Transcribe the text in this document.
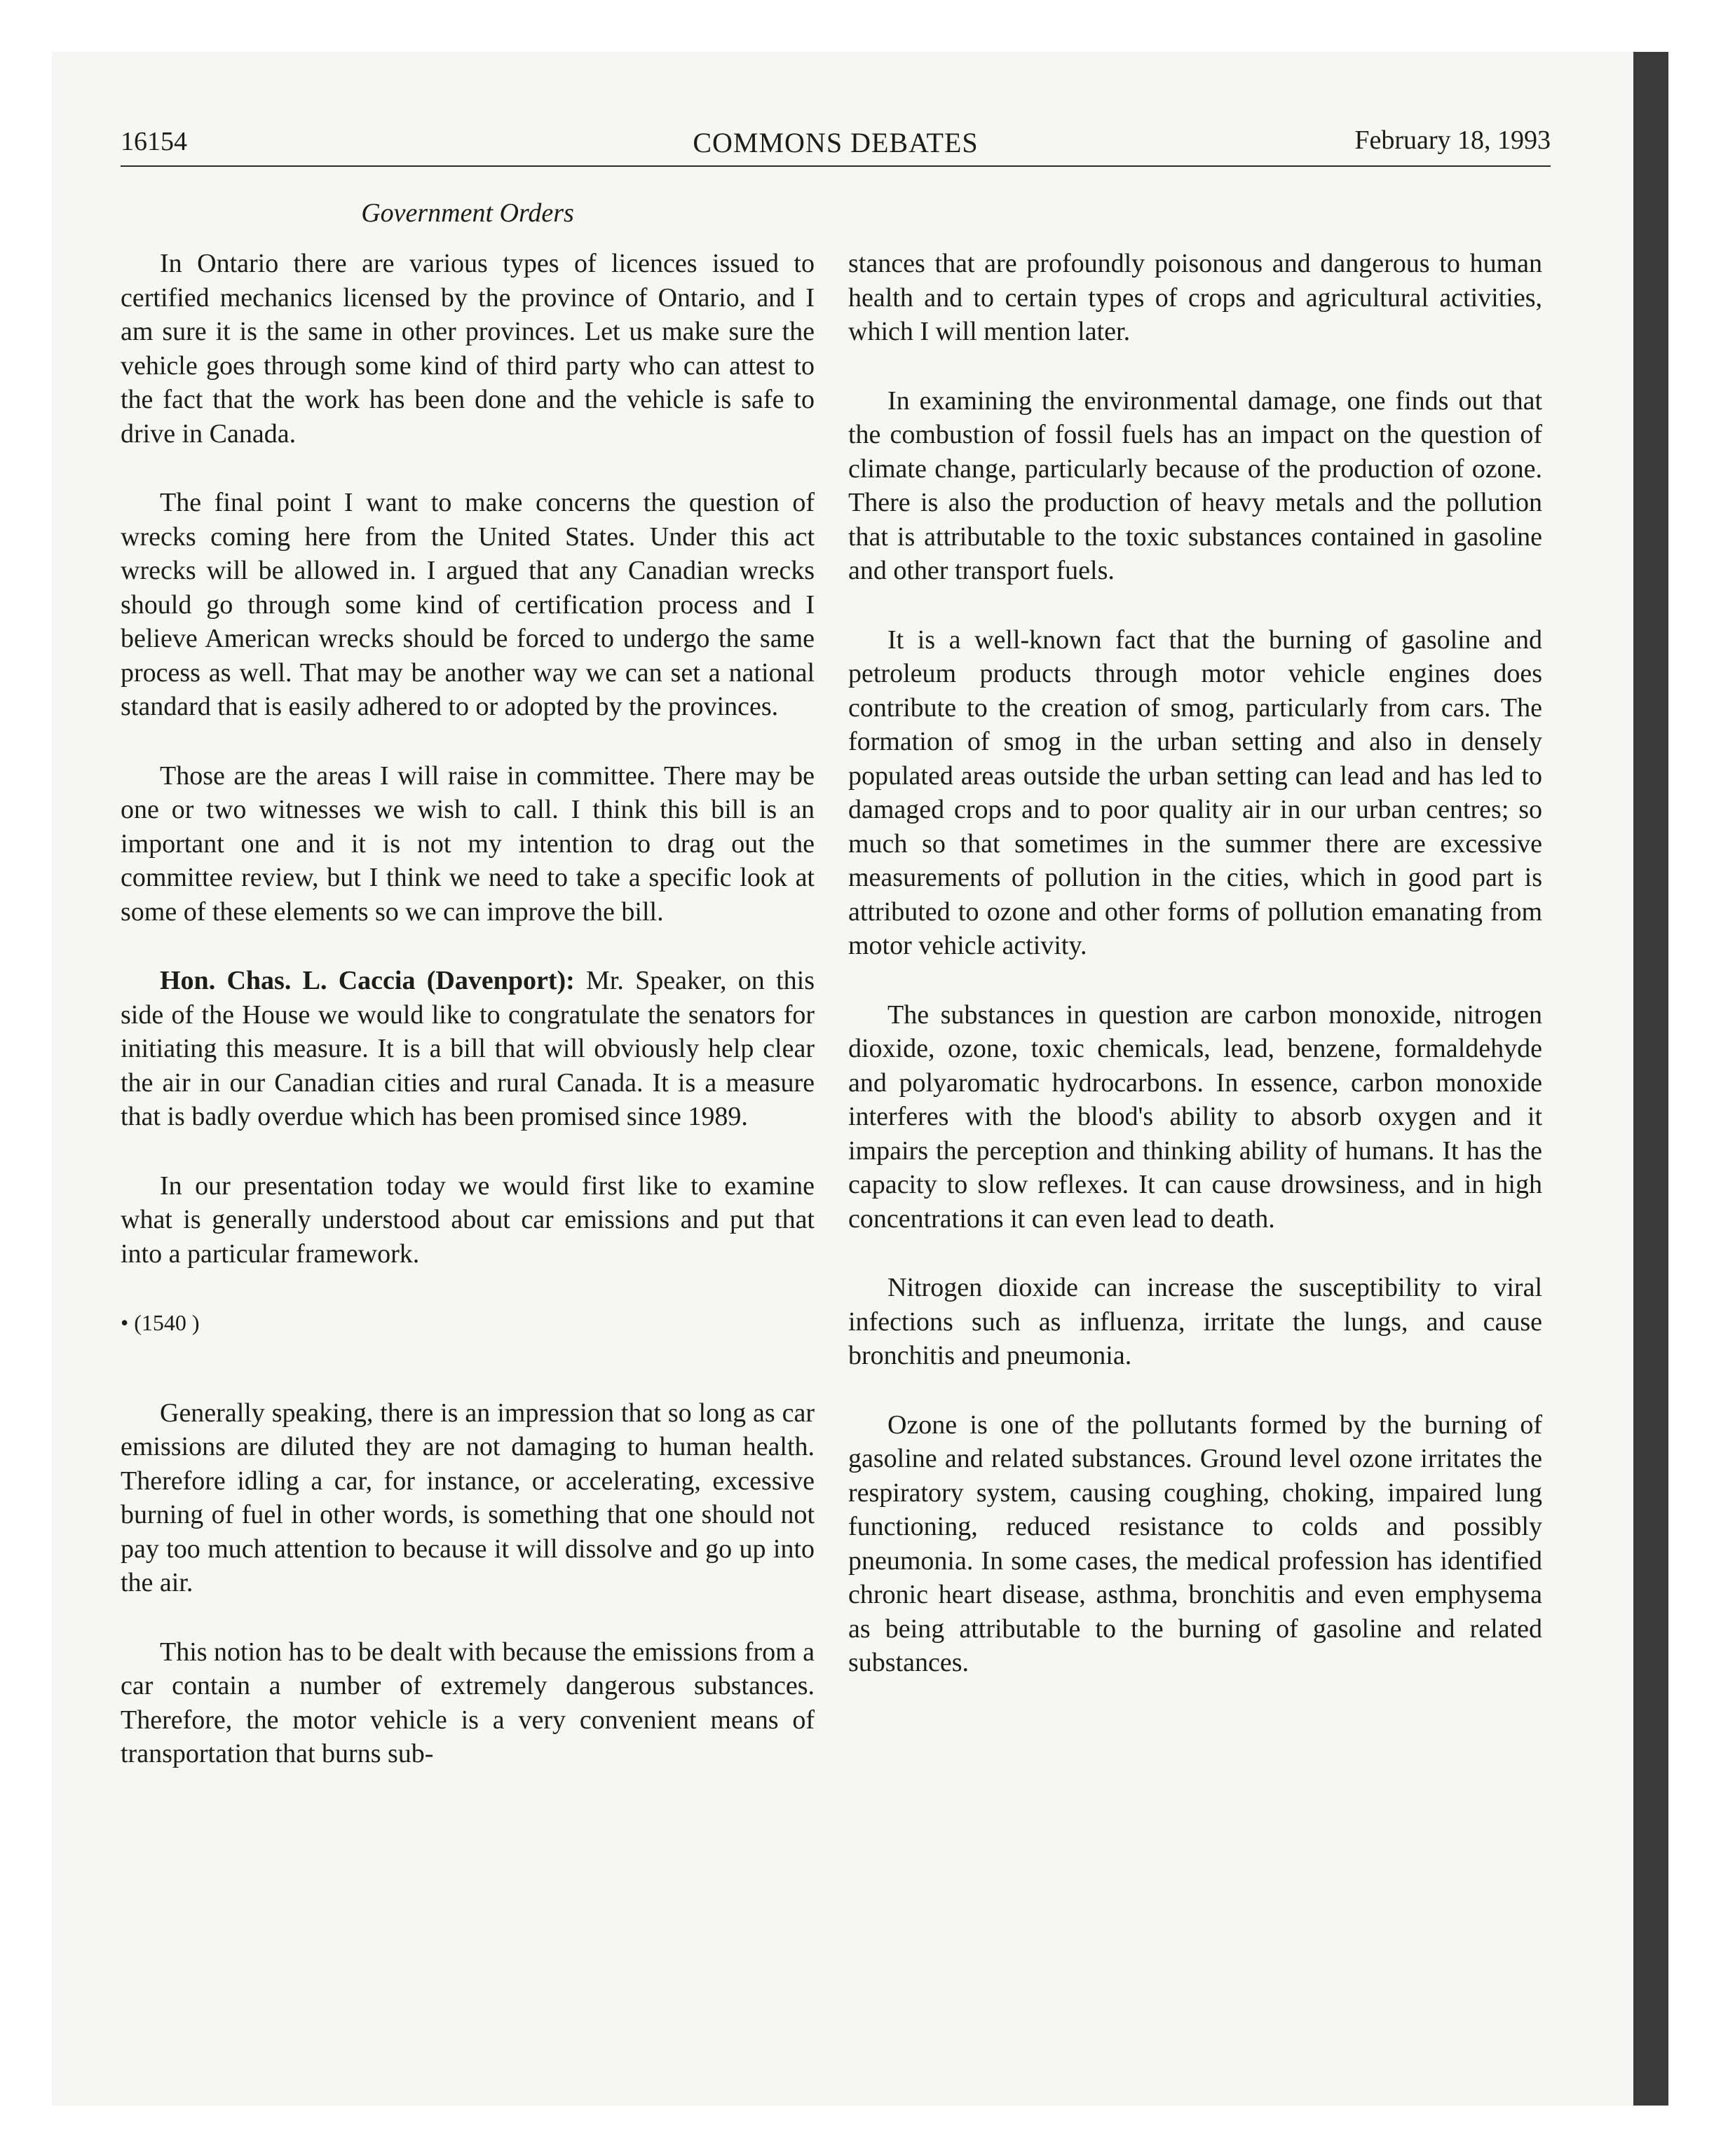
16154	COMMONS DEBATES	February 18, 1993
Government Orders

In Ontario there are various types of licences issued to certified mechanics licensed by the province of Ontario, and I am sure it is the same in other provinces. Let us make sure the vehicle goes through some kind of third party who can attest to the fact that the work has been done and the vehicle is safe to drive in Canada.

The final point I want to make concerns the question of wrecks coming here from the United States. Under this act wrecks will be allowed in. I argued that any Canadian wrecks should go through some kind of certification process and I believe American wrecks should be forced to undergo the same process as well. That may be another way we can set a national standard that is easily adhered to or adopted by the provinces.

Those are the areas I will raise in committee. There may be one or two witnesses we wish to call. I think this bill is an important one and it is not my intention to drag out the committee review, but I think we need to take a specific look at some of these elements so we can improve the bill.

Hon. Chas. L. Caccia (Davenport): Mr. Speaker, on this side of the House we would like to congratulate the senators for initiating this measure. It is a bill that will obviously help clear the air in our Canadian cities and rural Canada. It is a measure that is badly overdue which has been promised since 1989.

In our presentation today we would first like to examine what is generally understood about car emissions and put that into a particular framework.

• (1540 )

Generally speaking, there is an impression that so long as car emissions are diluted they are not damaging to human health. Therefore idling a car, for instance, or accelerating, excessive burning of fuel in other words, is something that one should not pay too much attention to because it will dissolve and go up into the air.

This notion has to be dealt with because the emissions from a car contain a number of extremely dangerous substances. Therefore, the motor vehicle is a very convenient means of transportation that burns sub-

stances that are profoundly poisonous and dangerous to human health and to certain types of crops and agricultural activities, which I will mention later.

In examining the environmental damage, one finds out that the combustion of fossil fuels has an impact on the question of climate change, particularly because of the production of ozone. There is also the production of heavy metals and the pollution that is attributable to the toxic substances contained in gasoline and other transport fuels.

It is a well-known fact that the burning of gasoline and petroleum products through motor vehicle engines does contribute to the creation of smog, particularly from cars. The formation of smog in the urban setting and also in densely populated areas outside the urban setting can lead and has led to damaged crops and to poor quality air in our urban centres; so much so that sometimes in the summer there are excessive measurements of pollution in the cities, which in good part is attributed to ozone and other forms of pollution emanating from motor vehicle activity.

The substances in question are carbon monoxide, nitrogen dioxide, ozone, toxic chemicals, lead, benzene, formaldehyde and polyaromatic hydrocarbons. In essence, carbon monoxide interferes with the blood's ability to absorb oxygen and it impairs the perception and thinking ability of humans. It has the capacity to slow reflexes. It can cause drowsiness, and in high concentrations it can even lead to death.

Nitrogen dioxide can increase the susceptibility to viral infections such as influenza, irritate the lungs, and cause bronchitis and pneumonia.

Ozone is one of the pollutants formed by the burning of gasoline and related substances. Ground level ozone irritates the respiratory system, causing coughing, choking, impaired lung functioning, reduced resistance to colds and possibly pneumonia. In some cases, the medical profession has identified chronic heart disease, asthma, bronchitis and even emphysema as being attributable to the burning of gasoline and related substances.
